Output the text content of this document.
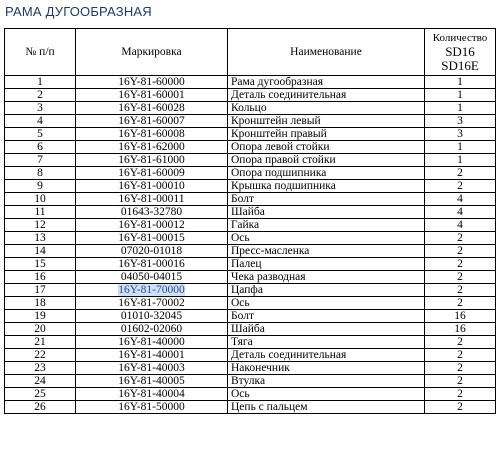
РАМА ДУГООБРАЗНАЯ
№ п/п	Маркировка	Наименование	Количество
SD16
SD16E

1	16Y-81-60000	Рама дугообразная	1
2	16Y-81-60001	Деталь соединительная	1
3	16Y-81-60028	Кольцо	1
4	16Y-81-60007	Кронштейн левый	3
5	16Y-81-60008	Кронштейн правый	3
6	16Y-81-62000	Опора левой стойки	1
7	16Y-81-61000	Опора правой стойки	1
8	16Y-81-60009	Опора подшипника	2
9	16Y-81-00010	Крышка подшипника	2
10	16Y-81-00011	Болт	4
11	01643-32780	Шайба	4
12	16Y-81-00012	Гайка	4
13	16Y-81-00015	Ось	2
14	07020-01018	Пресс-масленка	2
15	16Y-81-00016	Палец	2
16	04050-04015	Чека разводная	2
17	16Y-81-70000	Цапфа	2
18	16Y-81-70002	Ось	2
19	01010-32045	Болт	16
20	01602-02060	Шайба	16
21	16Y-81-40000	Тяга	2
22	16Y-81-40001	Деталь соединительная	2
23	16Y-81-40003	Наконечник	2
24	16Y-81-40005	Втулка	2
25	16Y-81-40004	Ось	2
26	16Y-81-50000	Цепь с пальцем	2
